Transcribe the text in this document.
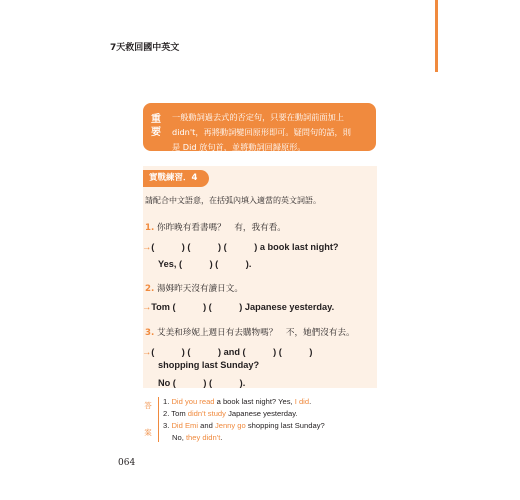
7天救回國中英文
重
要
一般動詞過去式的否定句，只要在動詞前面加上
didn't，再將動詞變回原形即可。疑問句的話，則
是 Did 放句首，並將動詞回歸原形。
實戰練習．4
請配合中文語意，在括弧內填入適當的英文詞語。
1. 你昨晚有看書嗎？　有，我有看。
→(　　　) (　　　) (　　　) a book last night?
Yes, (　　　) (　　　).
2. 湯姆昨天沒有讀日文。
→Tom (　　　) (　　　) Japanese yesterday.
3. 艾美和珍妮上週日有去購物嗎？　不，她們沒有去。
→(　　　) (　　　) and (　　　) (　　　)
shopping last Sunday?
No (　　　) (　　　).
答
案
1. Did you read a book last night? Yes, I did.
2. Tom didn't study Japanese yesterday.
3. Did Emi and Jenny go shopping last Sunday?
No, they didn't.
064
